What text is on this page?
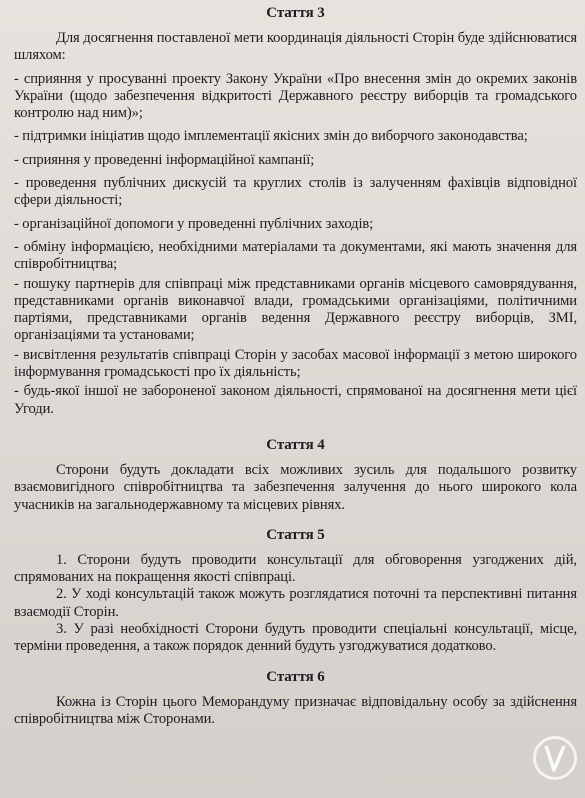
Стаття 3

Для досягнення поставленої мети координація діяльності Сторін буде здійснюватися шляхом:

- сприяння у просуванні проекту Закону України «Про внесення змін до окремих законів України (щодо забезпечення відкритості Державного реєстру виборців та громадського контролю над ним)»;

- підтримки ініціатив щодо імплементації якісних змін до виборчого законодавства;

- сприяння у проведенні інформаційної кампанії;

- проведення публічних дискусій та круглих столів із залученням фахівців відповідної сфери діяльності;

- організаційної допомоги у проведенні публічних заходів;

- обміну інформацією, необхідними матеріалами та документами, які мають значення для співробітництва;

- пошуку партнерів для співпраці між представниками органів місцевого самоврядування, представниками органів виконавчої влади, громадськими організаціями, політичними партіями, представниками органів ведення Державного реєстру виборців, ЗМІ, організаціями та установами;

- висвітлення результатів співпраці Сторін у засобах масової інформації з метою широкого інформування громадськості про їх діяльність;

- будь-якої іншої не забороненої законом діяльності, спрямованої на досягнення мети цієї Угоди.

Стаття 4

Сторони будуть докладати всіх можливих зусиль для подальшого розвитку взаємовигідного співробітництва та забезпечення залучення до нього широкого кола учасників на загальнодержавному та місцевих рівнях.

Стаття 5

1. Сторони будуть проводити консультації для обговорення узгоджених дій, спрямованих на покращення якості співпраці.

2. У ході консультацій також можуть розглядатися поточні та перспективні питання взаємодії Сторін.

3. У разі необхідності Сторони будуть проводити спеціальні консультації, місце, терміни проведення, а також порядок денний будуть узгоджуватися додатково.

Стаття 6

Кожна із Сторін цього Меморандуму призначає відповідальну особу за здійснення співробітництва між Сторонами.
